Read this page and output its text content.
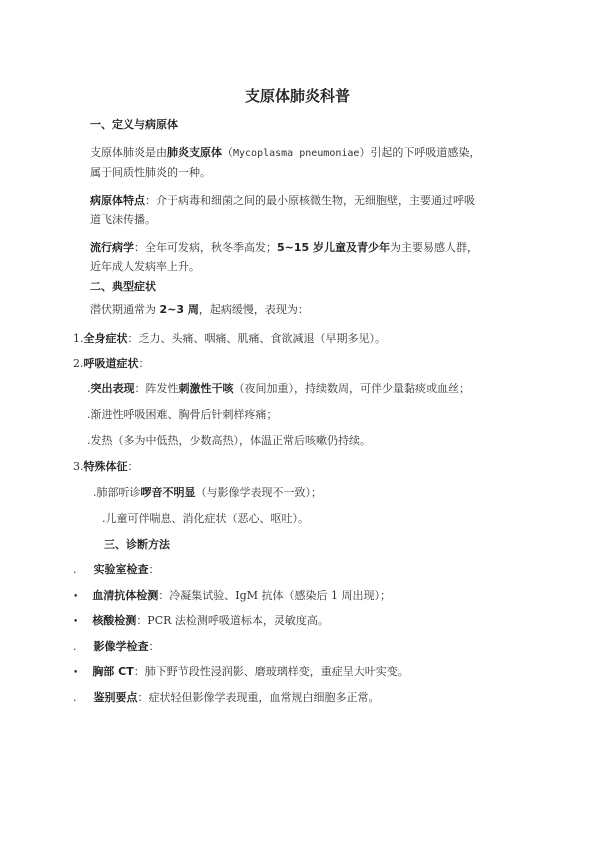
支原体肺炎科普
一、定义与病原体
支原体肺炎是由肺炎支原体（Mycoplasma pneumoniae）引起的下呼吸道感染，
属于间质性肺炎的一种。
病原体特点：介于病毒和细菌之间的最小原核微生物，无细胞壁，主要通过呼吸
道飞沫传播。
流行病学：全年可发病，秋冬季高发；5~15 岁儿童及青少年为主要易感人群，
近年成人发病率上升。
二、典型症状
潜伏期通常为 2~3 周，起病缓慢，表现为：
1.全身症状：乏力、头痛、咽痛、肌痛、食欲减退（早期多见）。
2.呼吸道症状：
.突出表现：阵发性刺激性干咳（夜间加重），持续数周，可伴少量黏痰或血丝；
.渐进性呼吸困难、胸骨后针刺样疼痛；
.发热（多为中低热，少数高热），体温正常后咳嗽仍持续。
3.特殊体征：
.肺部听诊啰音不明显（与影像学表现不一致）；
.儿童可伴喘息、消化症状（恶心、呕吐）。
三、诊断方法
. 实验室检查：
• 血清抗体检测：冷凝集试验、IgM 抗体（感染后 1 周出现）；
• 核酸检测：PCR 法检测呼吸道标本，灵敏度高。
. 影像学检查：
• 胸部 CT：肺下野节段性浸润影、磨玻璃样变，重症呈大叶实变。
. 鉴别要点：症状轻但影像学表现重，血常规白细胞多正常。
